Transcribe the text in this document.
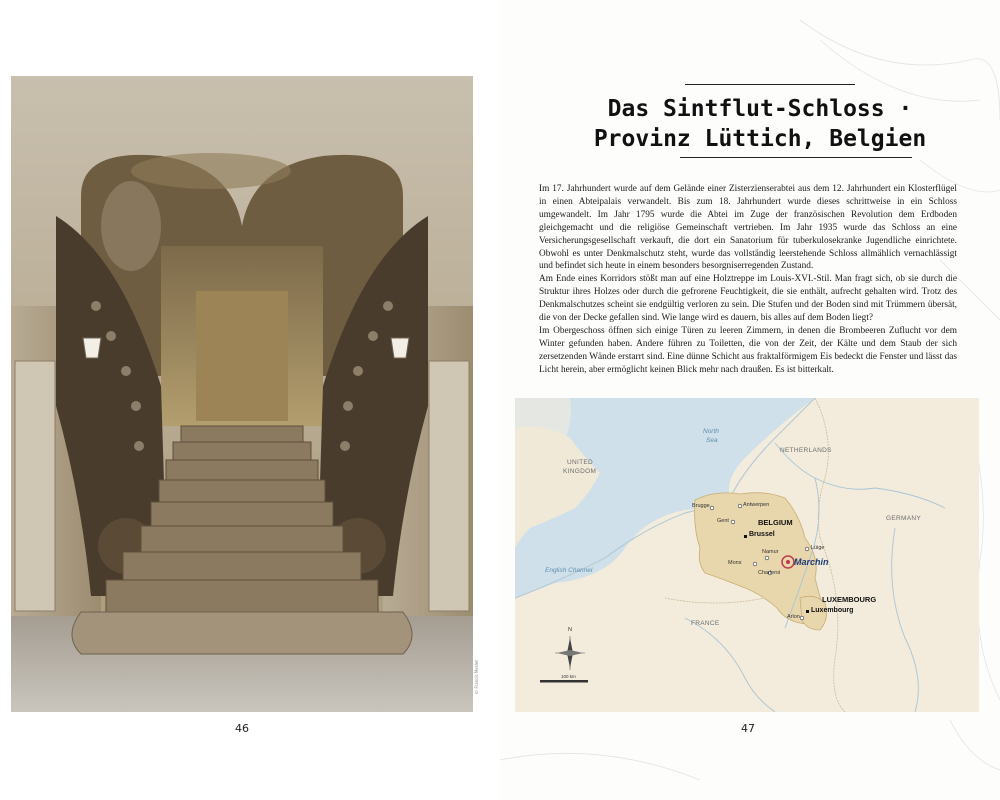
© Francis Meslet
46

Das Sintflut-Schloss ·

Provinz Lüttich, Belgien

Im 17. Jahrhundert wurde auf dem Gelände einer Zisterzienserabtei aus dem 12. Jahrhundert ein Klosterflügel in einen Abteipalais verwandelt. Bis zum 18. Jahrhundert wurde dieses schrittweise in ein Schloss umgewandelt. Im Jahr 1795 wurde die Abtei im Zuge der französischen Revolution dem Erdboden gleichgemacht und die religiöse Gemeinschaft vertrieben. Im Jahr 1935 wurde das Schloss an eine Versicherungsgesellschaft verkauft, die dort ein Sanatorium für tuberkulosekranke Jugendliche einrichtete. Obwohl es unter Denkmalschutz steht, wurde das vollständig leerstehende Schloss allmählich vernachlässigt und befindet sich heute in einem besonders besorgniserregenden Zustand.

Am Ende eines Korridors stößt man auf eine Holztreppe im Louis-XVI.-Stil. Man fragt sich, ob sie durch die Struktur ihres Holzes oder durch die gefrorene Feuchtigkeit, die sie enthält, aufrecht gehalten wird. Trotz des Denkmalschutzes scheint sie endgültig verloren zu sein. Die Stufen und der Boden sind mit Trümmern übersät, die von der Decke gefallen sind. Wie lange wird es dauern, bis alles auf dem Boden liegt?

Im Obergeschoss öffnen sich einige Türen zu leeren Zimmern, in denen die Brombeeren Zuflucht vor dem Winter gefunden haben. Andere führen zu Toiletten, die von der Zeit, der Kälte und dem Staub der sich zersetzenden Wände erstarrt sind. Eine dünne Schicht aus fraktalförmigem Eis bedeckt die Fenster und lässt das Licht herein, aber ermöglicht keinen Blick mehr nach draußen. Es ist bitterkalt.

North
Sea
UNITED
KINGDOM
NETHERLANDS
GERMANY
FRANCE
English Channel
Brugge	Antwerpen
Gent	BELGIUM
Brussel
Lüige
Namur
Mons
Charleroi
Marchin
LUXEMBOURG
Arlon
Luxembourg
N
100 km
47
